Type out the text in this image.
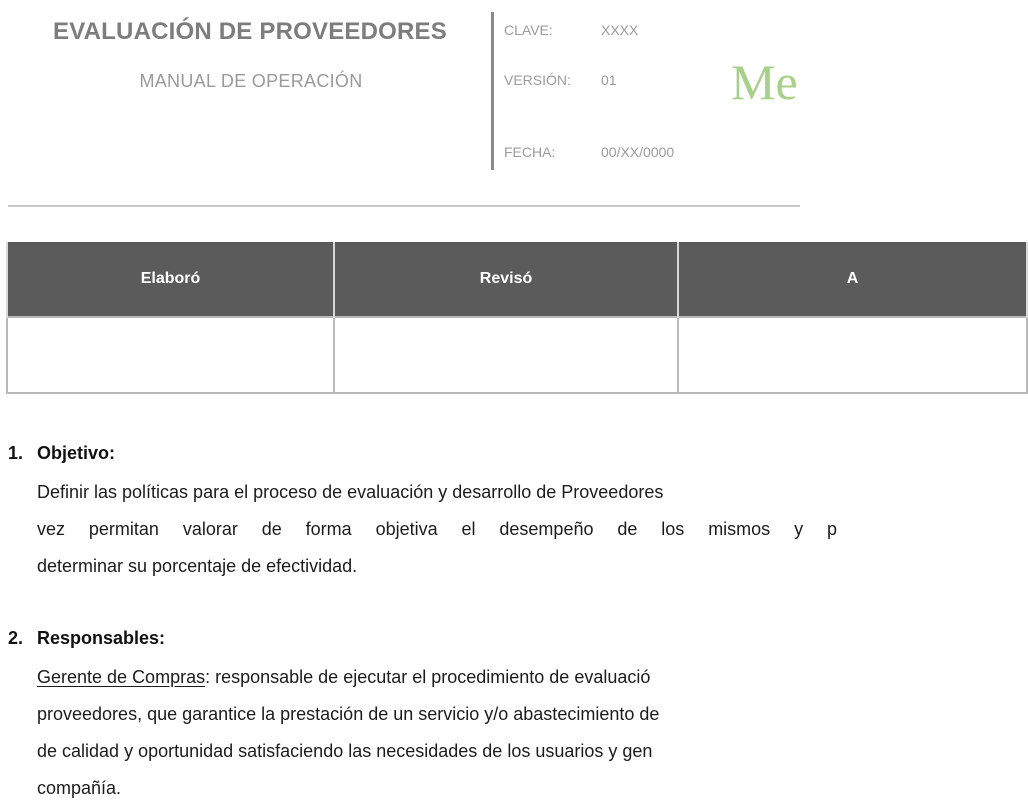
EVALUACIÓN DE PROVEEDORES
MANUAL DE OPERACIÓN
CLAVE:	XXXX
VERSIÓN: 01
FECHA:	00/XX/0000
Me
Elaboró	Revisó	A

1. Objetivo:
Definir las políticas para el proceso de evaluación y desarrollo de Proveedores
vez permitan valorar de forma objetiva el desempeño de los mismos y p
determinar su porcentaje de efectividad.
2. Responsables:
Gerente de Compras: responsable de ejecutar el procedimiento de evaluació
proveedores, que garantice la prestación de un servicio y/o abastecimiento de
de calidad y oportunidad satisfaciendo las necesidades de los usuarios y gen
compañía.
